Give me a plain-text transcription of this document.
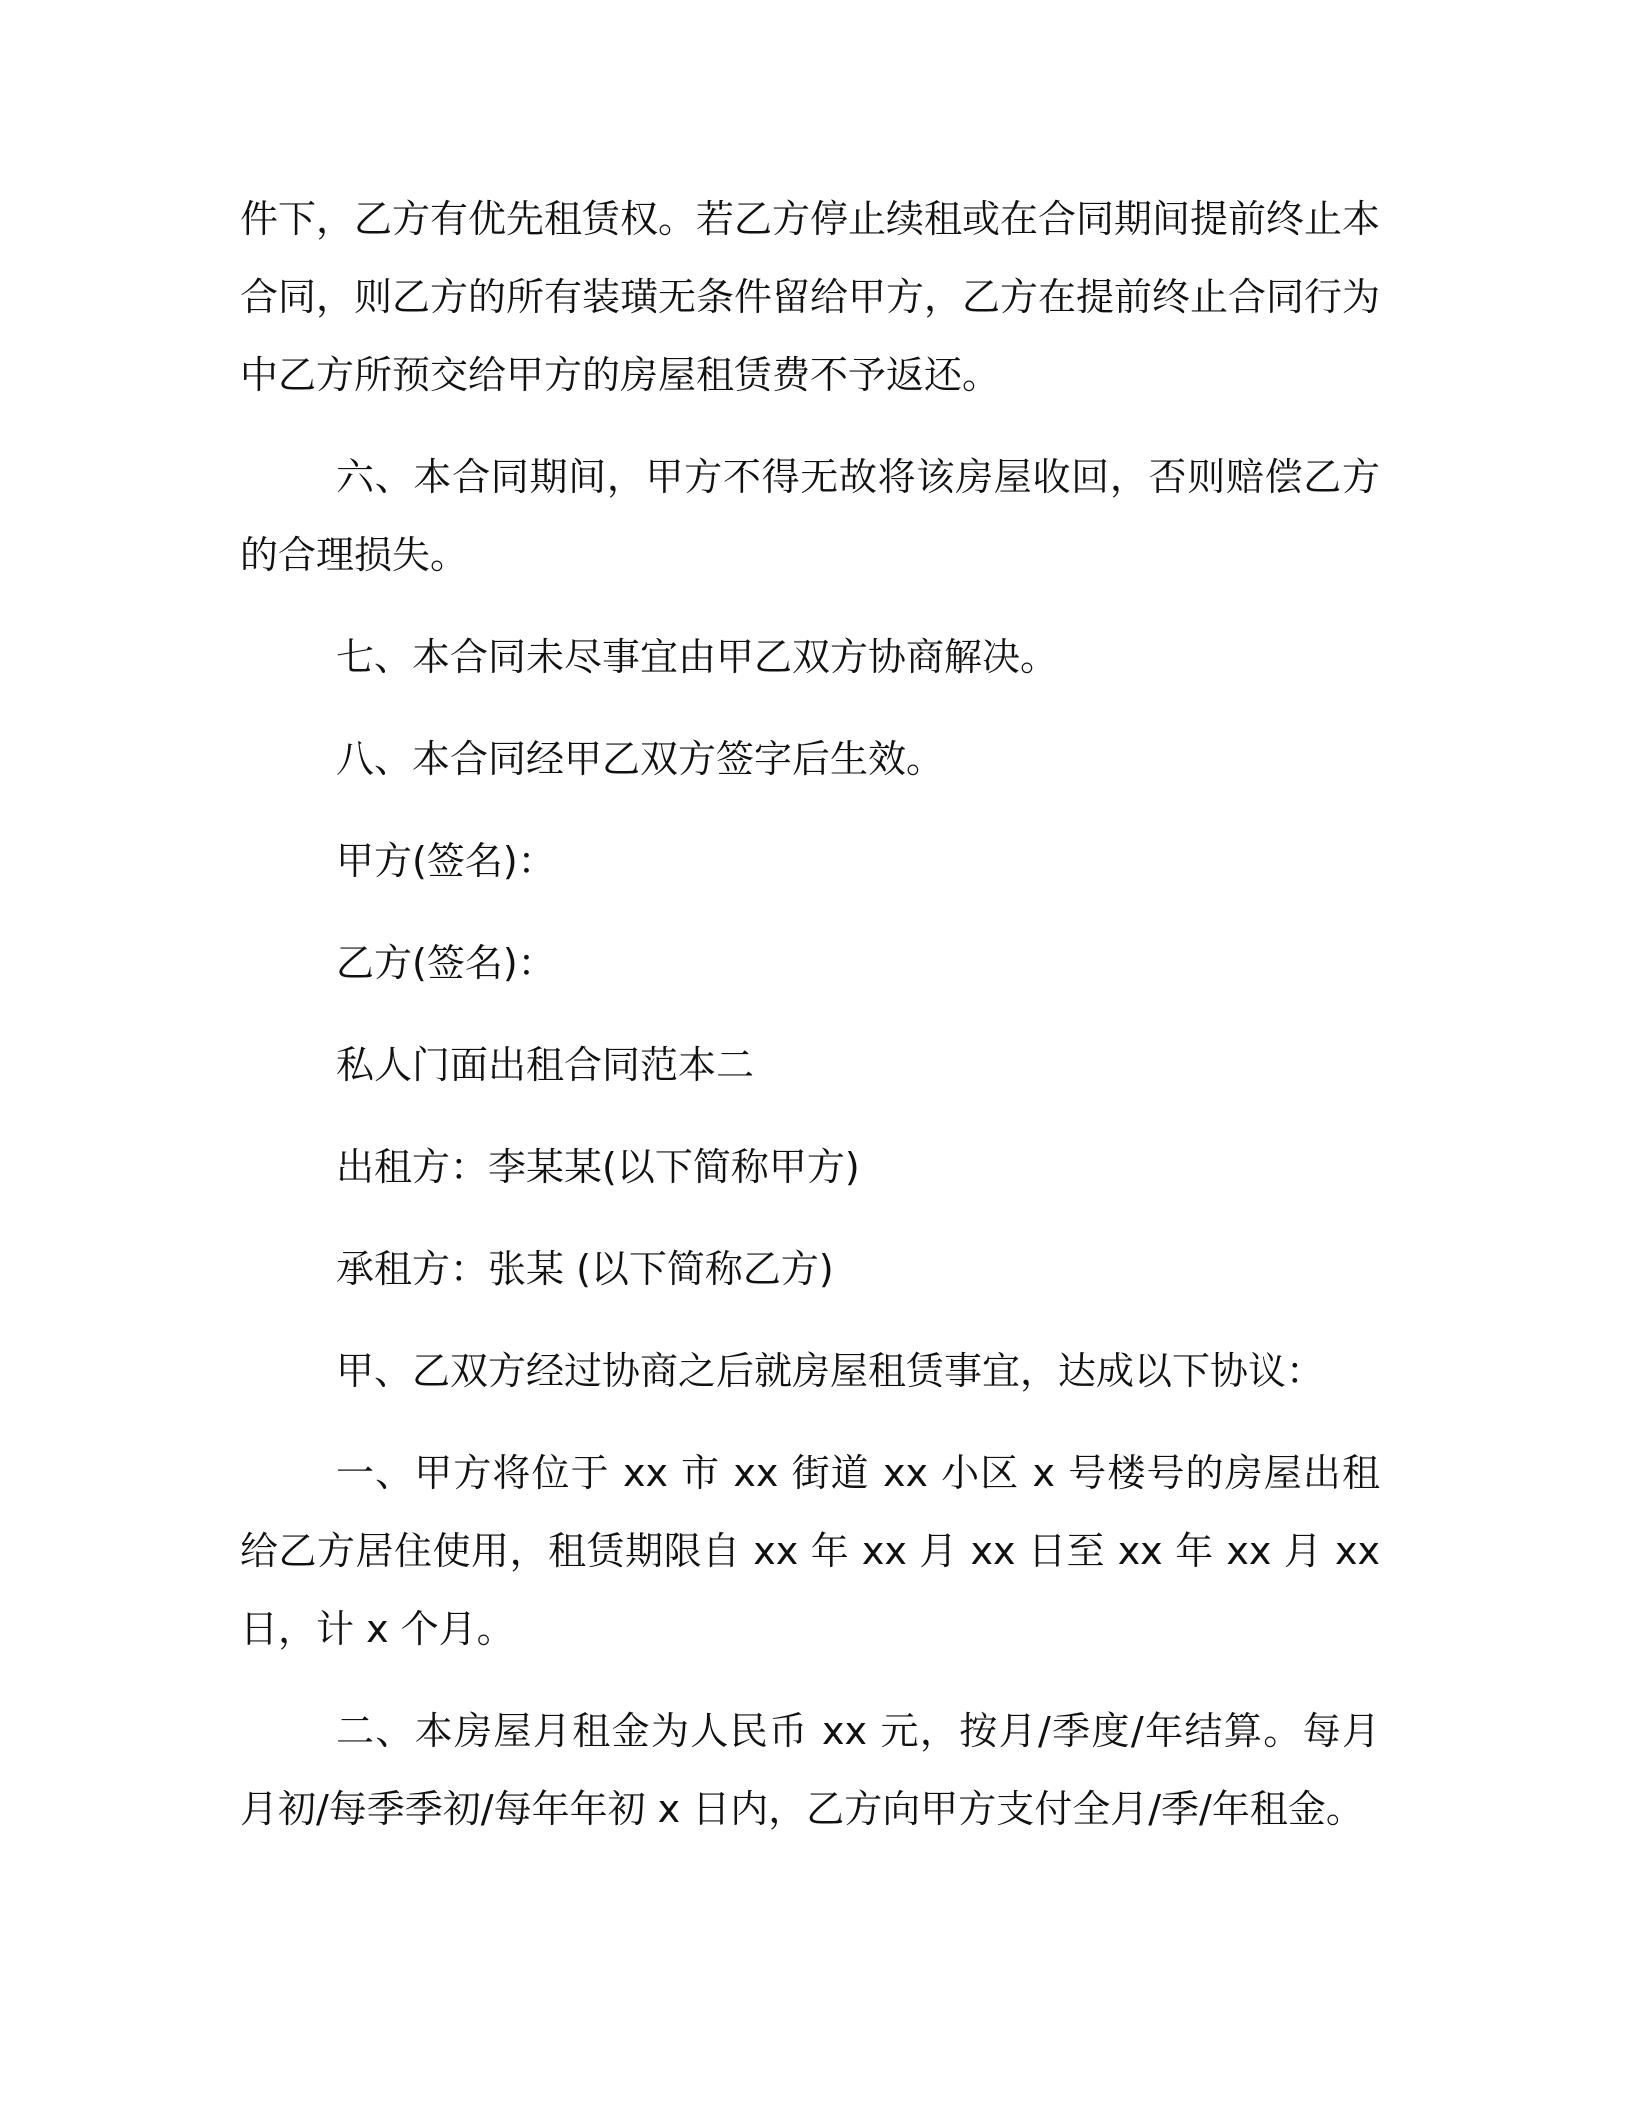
件下，乙方有优先租赁权。若乙方停止续租或在合同期间提前终止本合同，则乙方的所有装璜无条件留给甲方，乙方在提前终止合同行为中乙方所预交给甲方的房屋租赁费不予返还。

六、本合同期间，甲方不得无故将该房屋收回，否则赔偿乙方的合理损失。

七、本合同未尽事宜由甲乙双方协商解决。

八、本合同经甲乙双方签字后生效。

甲方(签名)：

乙方(签名)：

私人门面出租合同范本二

出租方：李某某(以下简称甲方)

承租方：张某 (以下简称乙方)

甲、乙双方经过协商之后就房屋租赁事宜，达成以下协议：

一、甲方将位于 xx 市 xx 街道 xx 小区 x 号楼号的房屋出租给乙方居住使用，租赁期限自 xx 年 xx 月 xx 日至 xx 年 xx 月 xx 日，计 x 个月。

二、本房屋月租金为人民币 xx 元，按月/季度/年结算。每月月初/每季季初/每年年初 x 日内，乙方向甲方支付全月/季/年租金。
